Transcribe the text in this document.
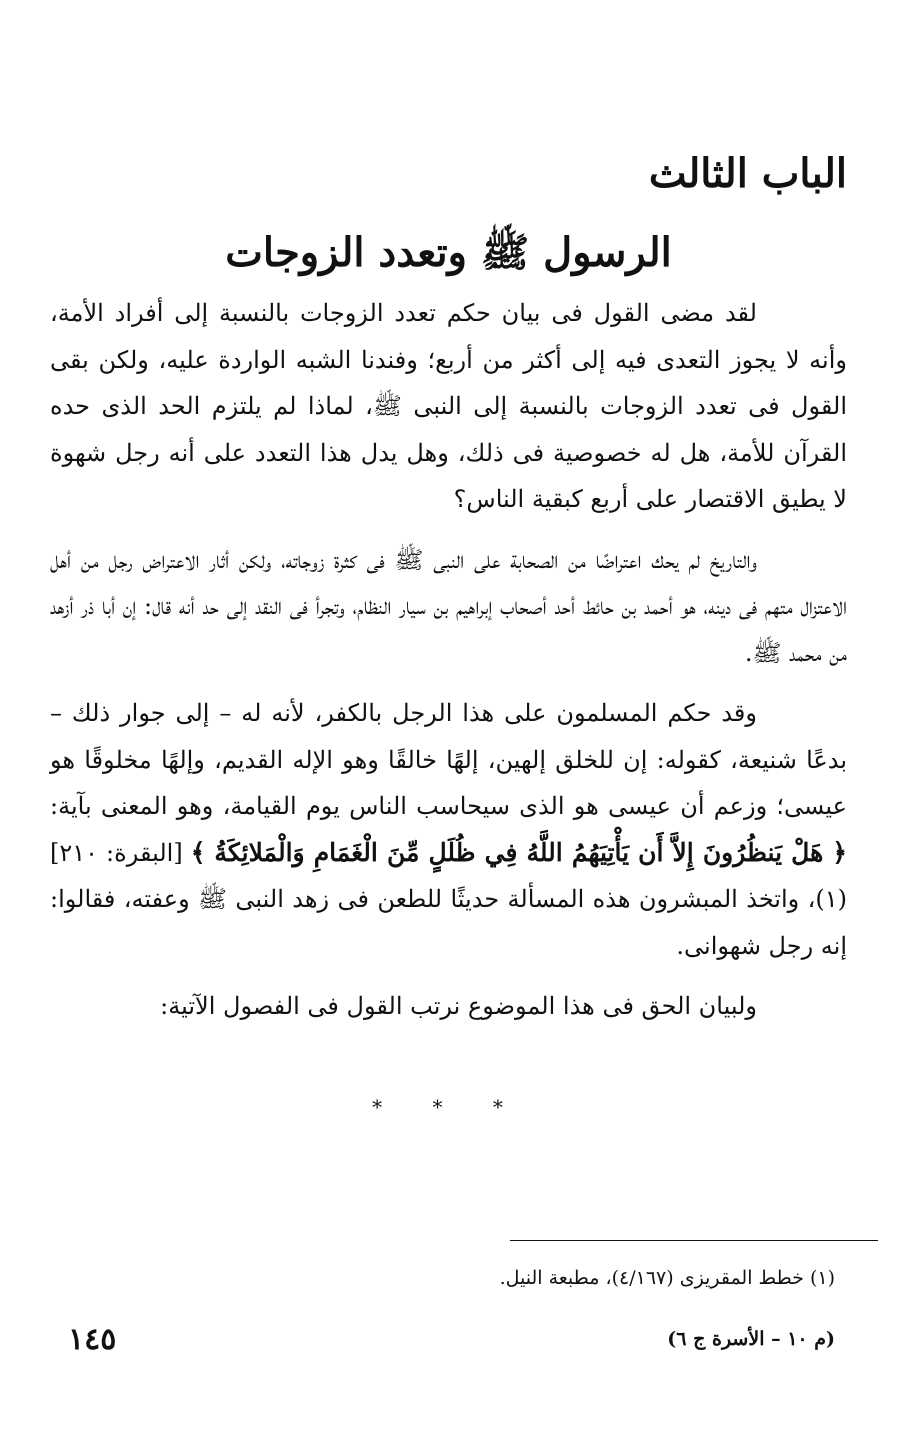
الباب الثالث
الرسول ﷺ وتعدد الزوجات

لقد مضى القول فى بيان حكم تعدد الزوجات بالنسبة إلى أفراد الأمة، وأنه لا يجوز التعدى فيه إلى أكثر من أربع؛ وفندنا الشبه الواردة عليه، ولكن بقى القول فى تعدد الزوجات بالنسبة إلى النبى ﷺ، لماذا لم يلتزم الحد الذى حده القرآن للأمة، هل له خصوصية فى ذلك، وهل يدل هذا التعدد على أنه رجل شهوة لا يطيق الاقتصار على أربع كبقية الناس؟

والتاريخ لم يحك اعتراضًا من الصحابة على النبى ﷺ فى كثرة زوجاته، ولكن أثار الاعتراض رجل من أهل الاعتزال متهم فى دينه، هو أحمد بن حائط أحد أصحاب إبراهيم بن سيار النظام، وتجرأ فى النقد إلى حد أنه قال: إن أبا ذر أزهد من محمد ﷺ.

وقد حكم المسلمون على هذا الرجل بالكفر، لأنه له – إلى جوار ذلك – بدعًا شنيعة، كقوله: إن للخلق إلهين، إلهًا خالقًا وهو الإله القديم، وإلهًا مخلوقًا هو عيسى؛ وزعم أن عيسى هو الذى سيحاسب الناس يوم القيامة، وهو المعنى بآية: ﴿ هَلْ يَنظُرُونَ إِلاَّ أَن يَأْتِيَهُمُ اللَّهُ فِي ظُلَلٍ مِّنَ الْغَمَامِ وَالْمَلائِكَةُ ﴾ [البقرة: ٢١٠](١)، واتخذ المبشرون هذه المسألة حديثًا للطعن فى زهد النبى ﷺ وعفته، فقالوا: إنه رجل شهوانى.

ولبيان الحق فى هذا الموضوع نرتب القول فى الفصول الآتية:

* * *
(١) خطط المقريزى (٤/١٦٧)، مطبعة النيل.
(م ١٠ – الأسرة ج ٦)
١٤٥
